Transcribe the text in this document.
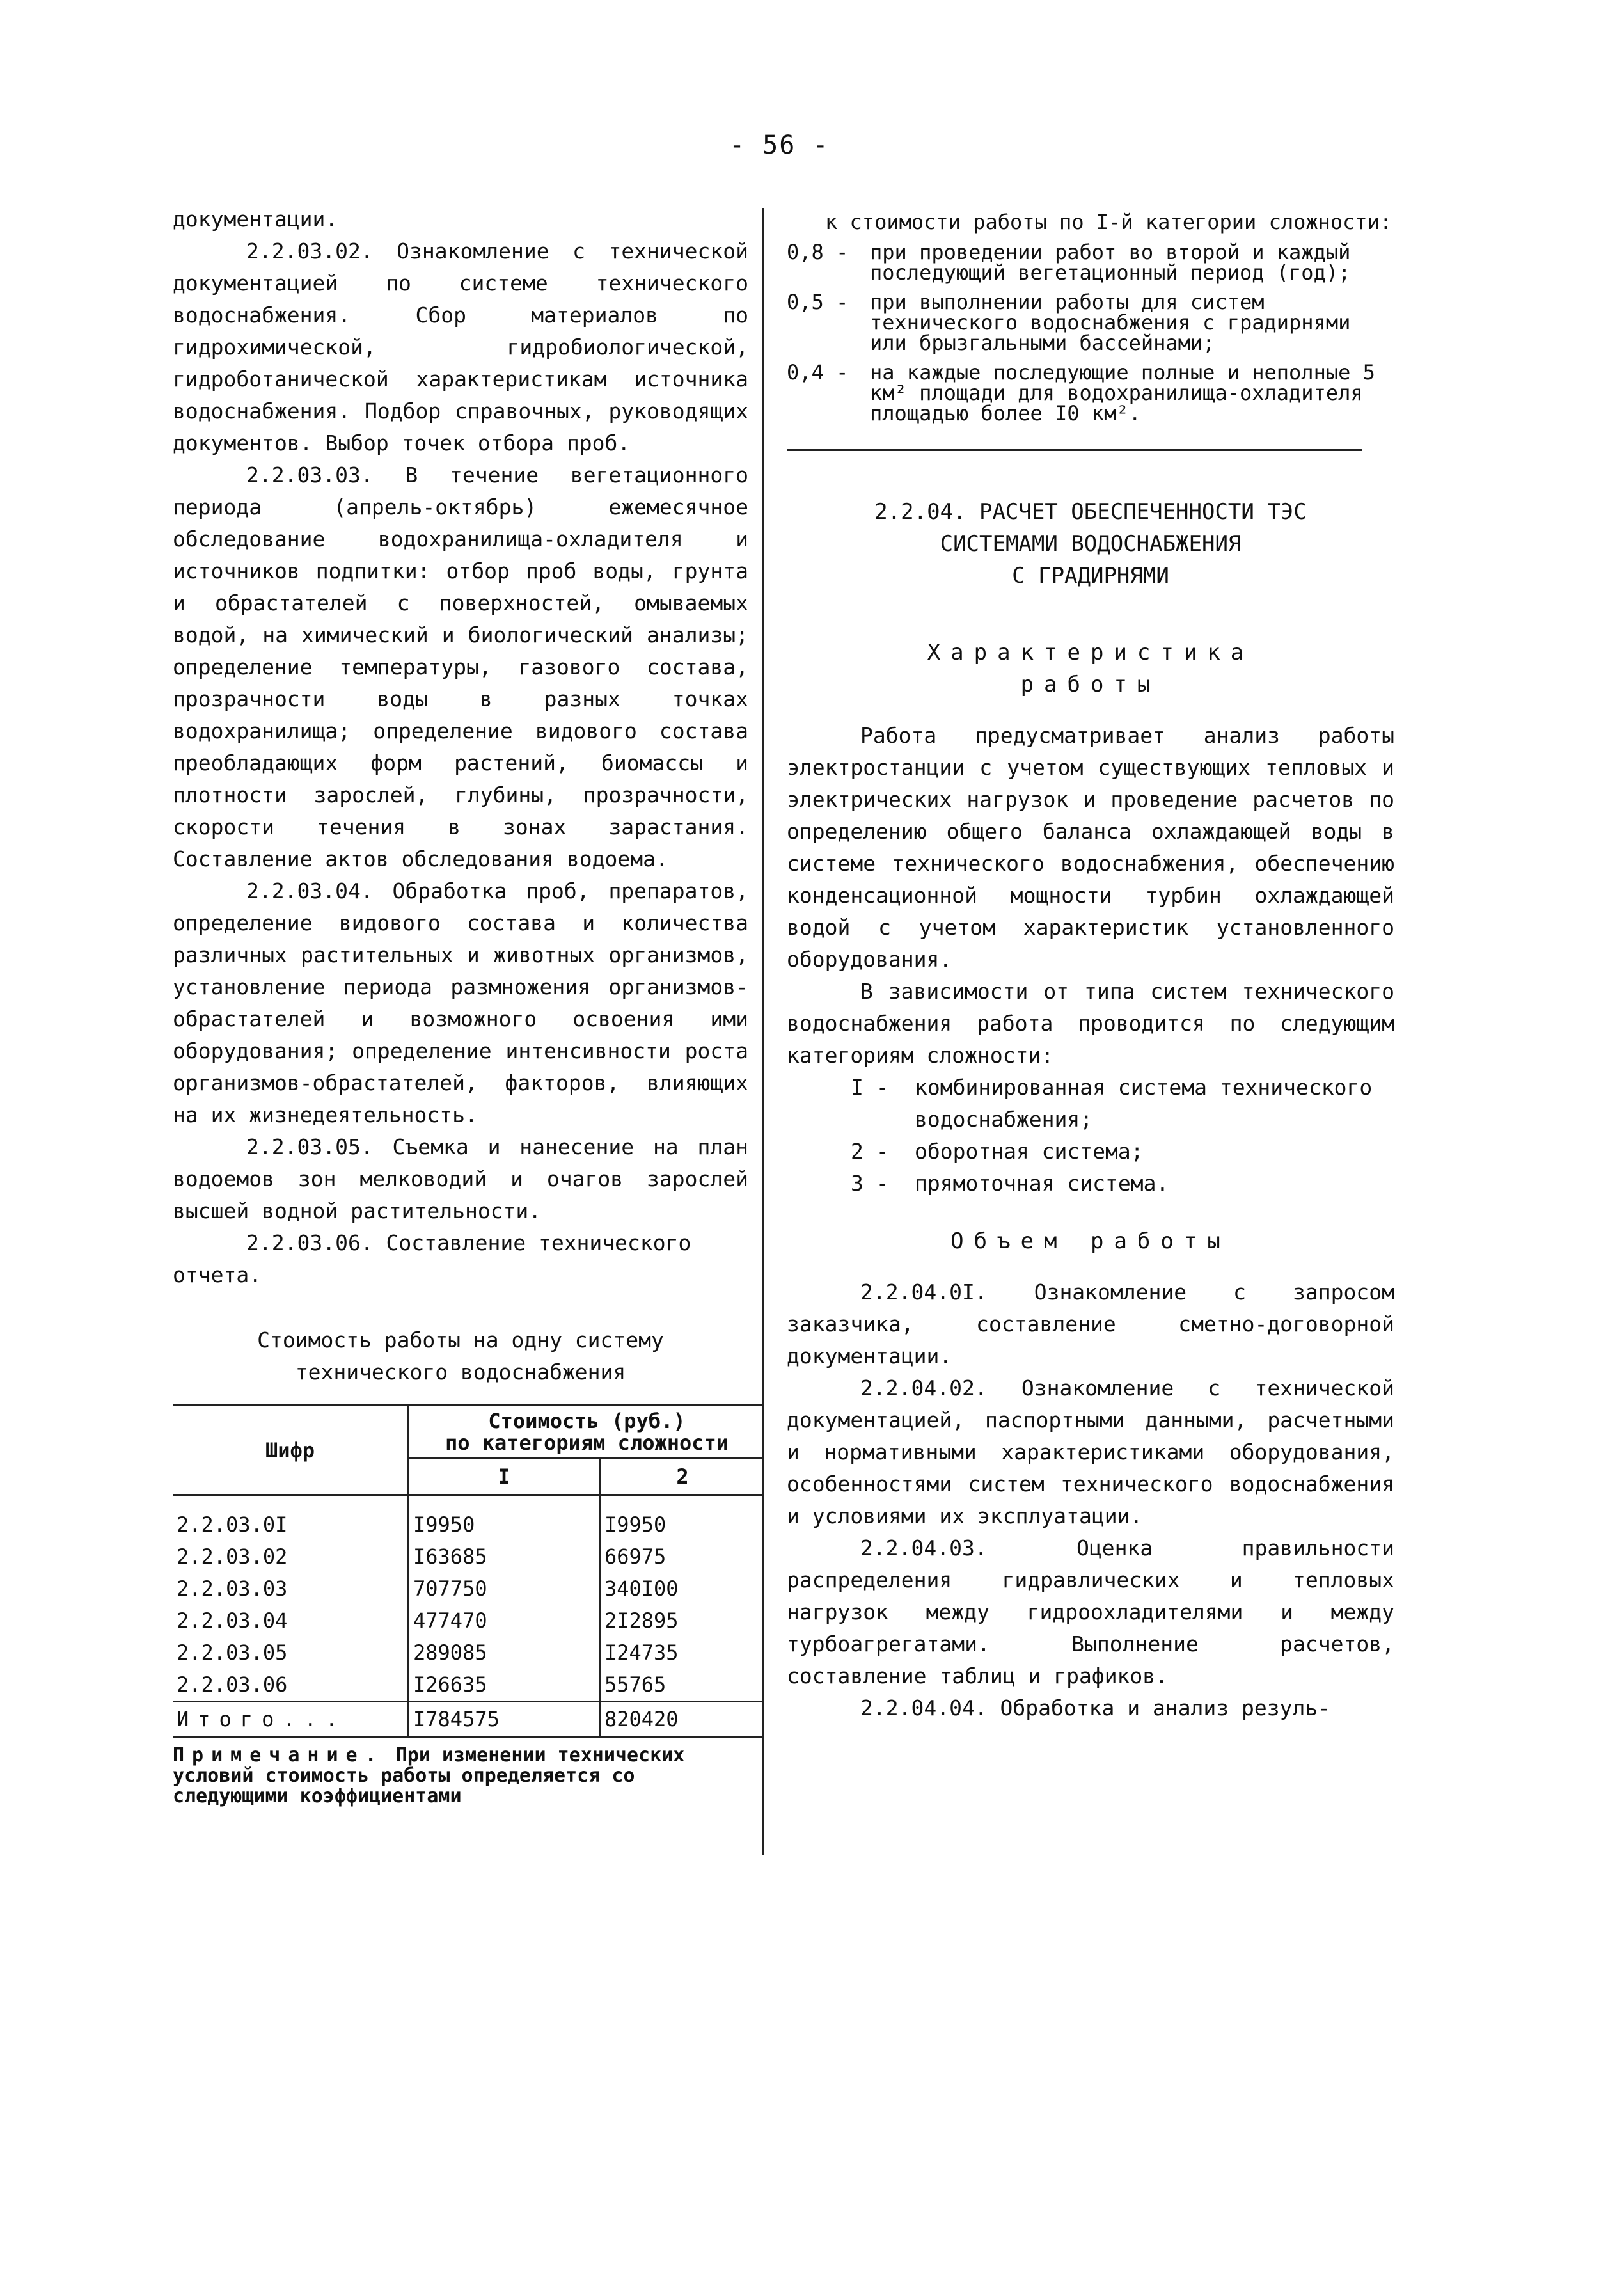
- 56 -

документации.

2.2.03.02. Ознакомление с технической документацией по системе технического водоснабжения. Сбор материалов по гидрохимической, гидробиологической, гидроботанической характеристикам источника водоснабжения. Подбор справочных, руководящих документов. Выбор точек отбора проб.

2.2.03.03. В течение вегетационного периода (апрель-октябрь) ежемесячное обследование водохранилища-охладителя и источников подпитки: отбор проб воды, грунта и обрастателей с поверхностей, омываемых водой, на химический и биологический анализы; определение температуры, газового состава, прозрачности воды в разных точках водохранилища; определение видового состава преобладающих форм растений, биомассы и плотности зарослей, глубины, прозрачности, скорости течения в зонах зарастания. Составление актов обследования водоема.

2.2.03.04. Обработка проб, препаратов, определение видового состава и количества различных растительных и животных организмов, установление периода размножения организмов-обрастателей и возможного освоения ими оборудования; определение интенсивности роста организмов-обрастателей, факторов, влияющих на их жизнедеятельность.

2.2.03.05. Съемка и нанесение на план водоемов зон мелководий и очагов зарослей высшей водной растительности.

2.2.03.06. Составление технического отчета.

Стоимость работы на одну систему
технического водоснабжения
Шифр	Стоимость (руб.)
по категориям сложности	

	I	2
2.2.03.0I	I9950	I9950
2.2.03.02	I63685	66975
2.2.03.03	707750	340I00
2.2.03.04	477470	2I2895
2.2.03.05	289085	I24735
2.2.03.06	I26635	55765
Итого...	I784575	820420
Примечание. При изменении технических условий стоимость работы определяется со следующими коэффициентами
к стоимости работы по I-й категории сложности:
0,8 -	при проведении работ во второй и каждый последующий вегетационный период (год);
0,5 -	при выполнении работы для систем технического водоснабжения с градирнями или брызгальными бассейнами;
0,4 -	на каждые последующие полные и неполные 5 км² площади для водохранилища-охладителя площадью более I0 км².
2.2.04. РАСЧЕТ ОБЕСПЕЧЕННОСТИ ТЭС
СИСТЕМАМИ ВОДОСНАБЖЕНИЯ
С ГРАДИРНЯМИ
Характеристика
работы

Работа предусматривает анализ работы электростанции с учетом существующих тепловых и электрических нагрузок и проведение расчетов по определению общего баланса охлаждающей воды в системе технического водоснабжения, обеспечению конденсационной мощности турбин охлаждающей водой с учетом характеристик установленного оборудования.

В зависимости от типа систем технического водоснабжения работа проводится по следующим категориям сложности:

I -	комбинированная система технического водоснабжения;
2 -	оборотная система;
3 -	прямоточная система.
Объем работы

2.2.04.0I. Ознакомление с запросом заказчика, составление сметно-договорной документации.

2.2.04.02. Ознакомление с технической документацией, паспортными данными, расчетными и нормативными характеристиками оборудования, особенностями систем технического водоснабжения и условиями их эксплуатации.

2.2.04.03. Оценка правильности распределения гидравлических и тепловых нагрузок между гидроохладителями и между турбоагрегатами. Выполнение расчетов, составление таблиц и графиков.

2.2.04.04. Обработка и анализ резуль-
